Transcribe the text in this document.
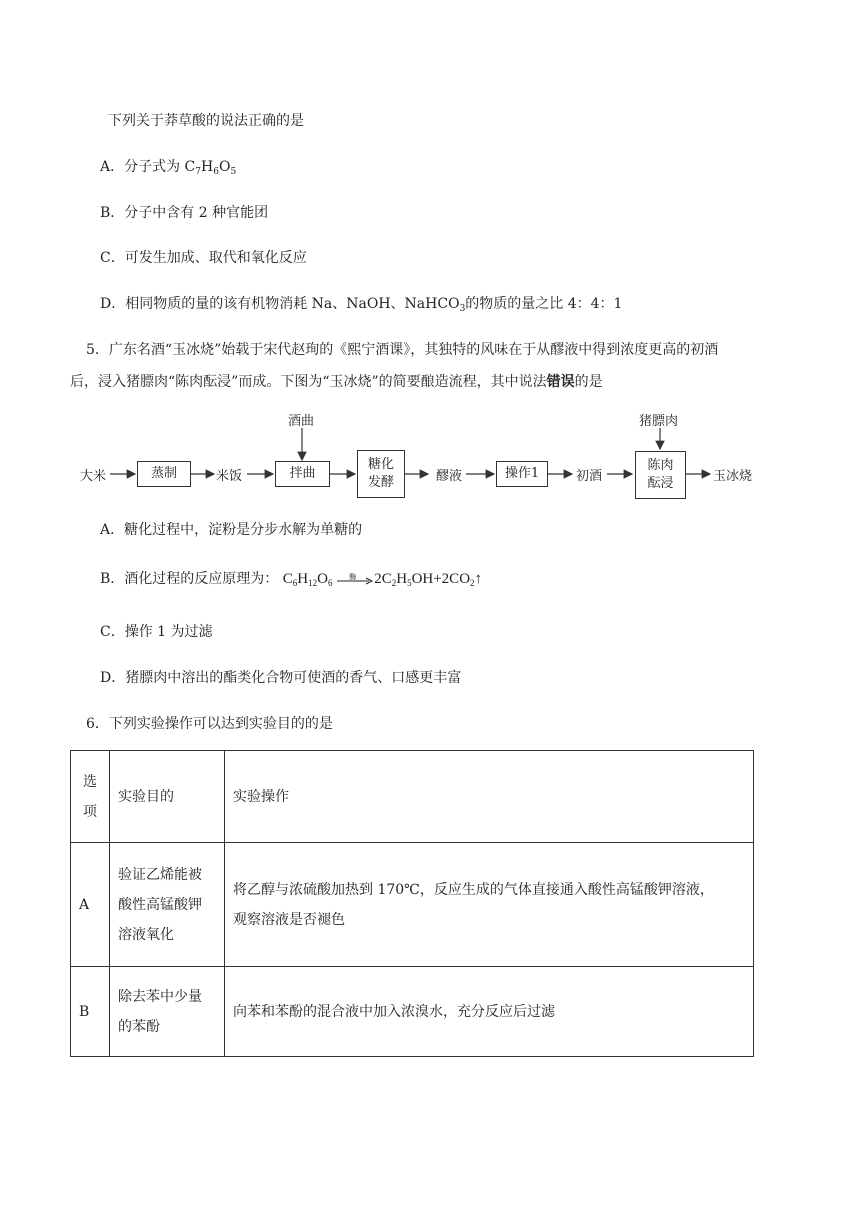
下列关于莽草酸的说法正确的是
A．分子式为 $C_7H_6O_5$
B．分子中含有 2 种官能团
C．可发生加成、取代和氧化反应
D．相同物质的量的该有机物消耗 Na、NaOH、NaHCO$_3$的物质的量之比 4：4：1
5．广东名酒“玉冰烧”始载于宋代赵珣的《熙宁酒课》，其独特的风味在于从醪液中得到浓度更高的初酒
后，浸入猪膘肉“陈肉酝浸”而成。下图为“玉冰烧”的简要酿造流程，其中说法错误的是
大米	蒸制	米饭
酒曲
拌曲
糖化
发酵	醪液	操作1	初酒
猪膘肉
陈肉
酝浸	玉冰烧
A．糖化过程中，淀粉是分步水解为单糖的
B．酒化过程的反应原理为： $C_6H_{12}O_6$
酶 $2C_2H_5OH+2CO_2↑$
C．操作 1 为过滤
D．猪膘肉中溶出的酯类化合物可使酒的香气、口感更丰富
6．下列实验操作可以达到实验目的的是
选
项	实验目的	实验操作
A	验证乙烯能被
酸性高锰酸钾
溶液氧化	将乙醇与浓硫酸加热到 170℃，反应生成的气体直接通入酸性高锰酸钾溶液，
观察溶液是否褪色
B	除去苯中少量
的苯酚	向苯和苯酚的混合液中加入浓溴水，充分反应后过滤
